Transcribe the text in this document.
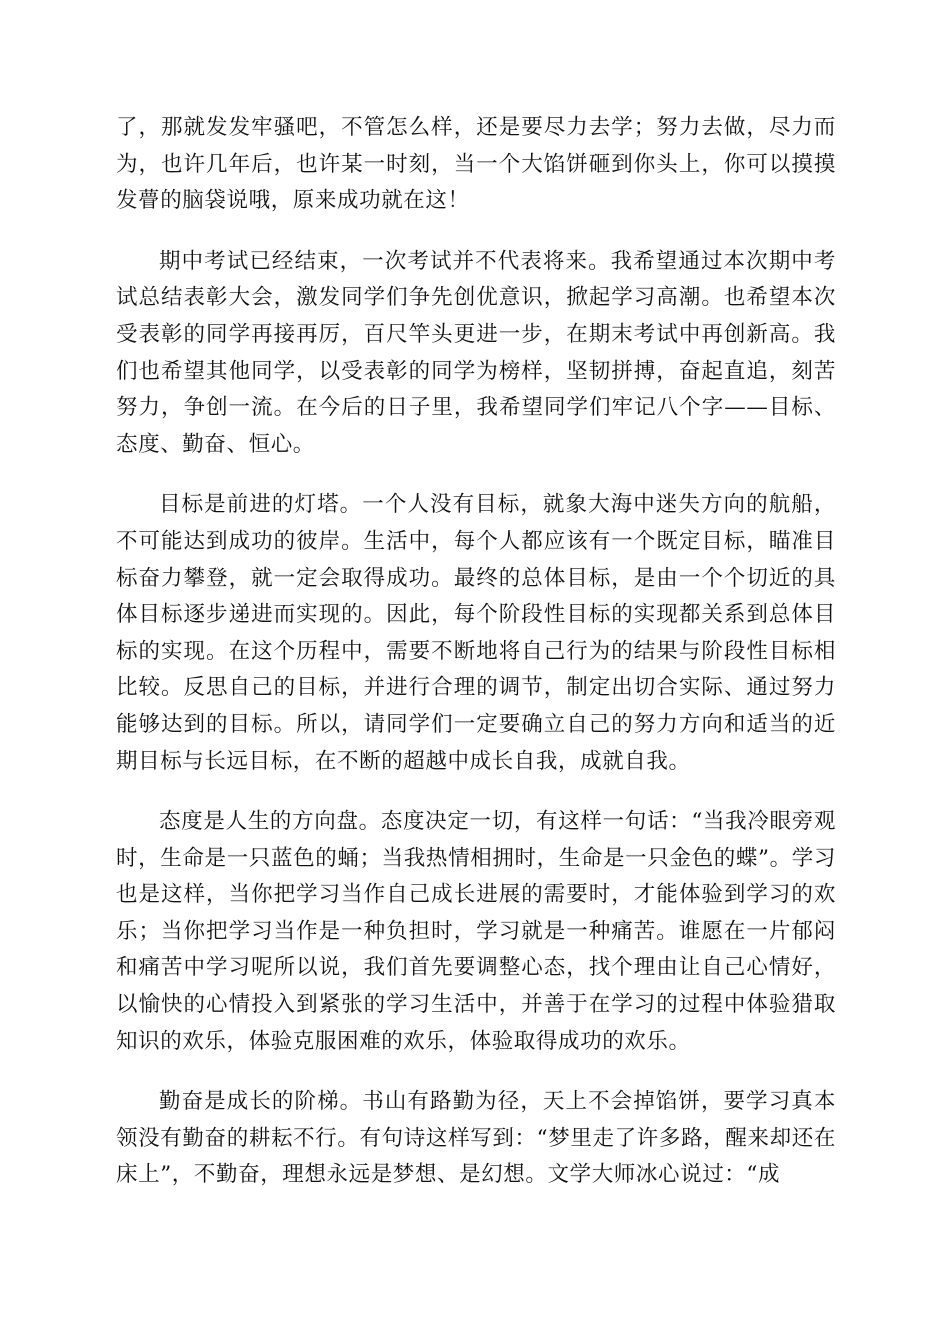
了，那就发发牢骚吧，不管怎么样，还是要尽力去学；努力去做，尽力而为，也许几年后，也许某一时刻，当一个大馅饼砸到你头上，你可以摸摸发瞢的脑袋说哦，原来成功就在这！

期中考试已经结束，一次考试并不代表将来。我希望通过本次期中考试总结表彰大会，激发同学们争先创优意识，掀起学习高潮。也希望本次受表彰的同学再接再厉，百尺竿头更进一步，在期末考试中再创新高。我们也希望其他同学，以受表彰的同学为榜样，坚韧拼搏，奋起直追，刻苦努力，争创一流。在今后的日子里，我希望同学们牢记八个字——目标、态度、勤奋、恒心。

目标是前进的灯塔。一个人没有目标，就象大海中迷失方向的航船，不可能达到成功的彼岸。生活中，每个人都应该有一个既定目标，瞄准目标奋力攀登，就一定会取得成功。最终的总体目标，是由一个个切近的具体目标逐步递进而实现的。因此，每个阶段性目标的实现都关系到总体目标的实现。在这个历程中，需要不断地将自己行为的结果与阶段性目标相比较。反思自己的目标，并进行合理的调节，制定出切合实际、通过努力能够达到的目标。所以，请同学们一定要确立自己的努力方向和适当的近期目标与长远目标，在不断的超越中成长自我，成就自我。

态度是人生的方向盘。态度决定一切，有这样一句话：“当我冷眼旁观时，生命是一只蓝色的蛹；当我热情相拥时，生命是一只金色的蝶”。学习也是这样，当你把学习当作自己成长进展的需要时，才能体验到学习的欢乐；当你把学习当作是一种负担时，学习就是一种痛苦。谁愿在一片郁闷和痛苦中学习呢所以说，我们首先要调整心态，找个理由让自己心情好，以愉快的心情投入到紧张的学习生活中，并善于在学习的过程中体验猎取知识的欢乐，体验克服困难的欢乐，体验取得成功的欢乐。

勤奋是成长的阶梯。书山有路勤为径，天上不会掉馅饼，要学习真本领没有勤奋的耕耘不行。有句诗这样写到：“梦里走了许多路，醒来却还在床上”，不勤奋，理想永远是梦想、是幻想。文学大师冰心说过：“成
